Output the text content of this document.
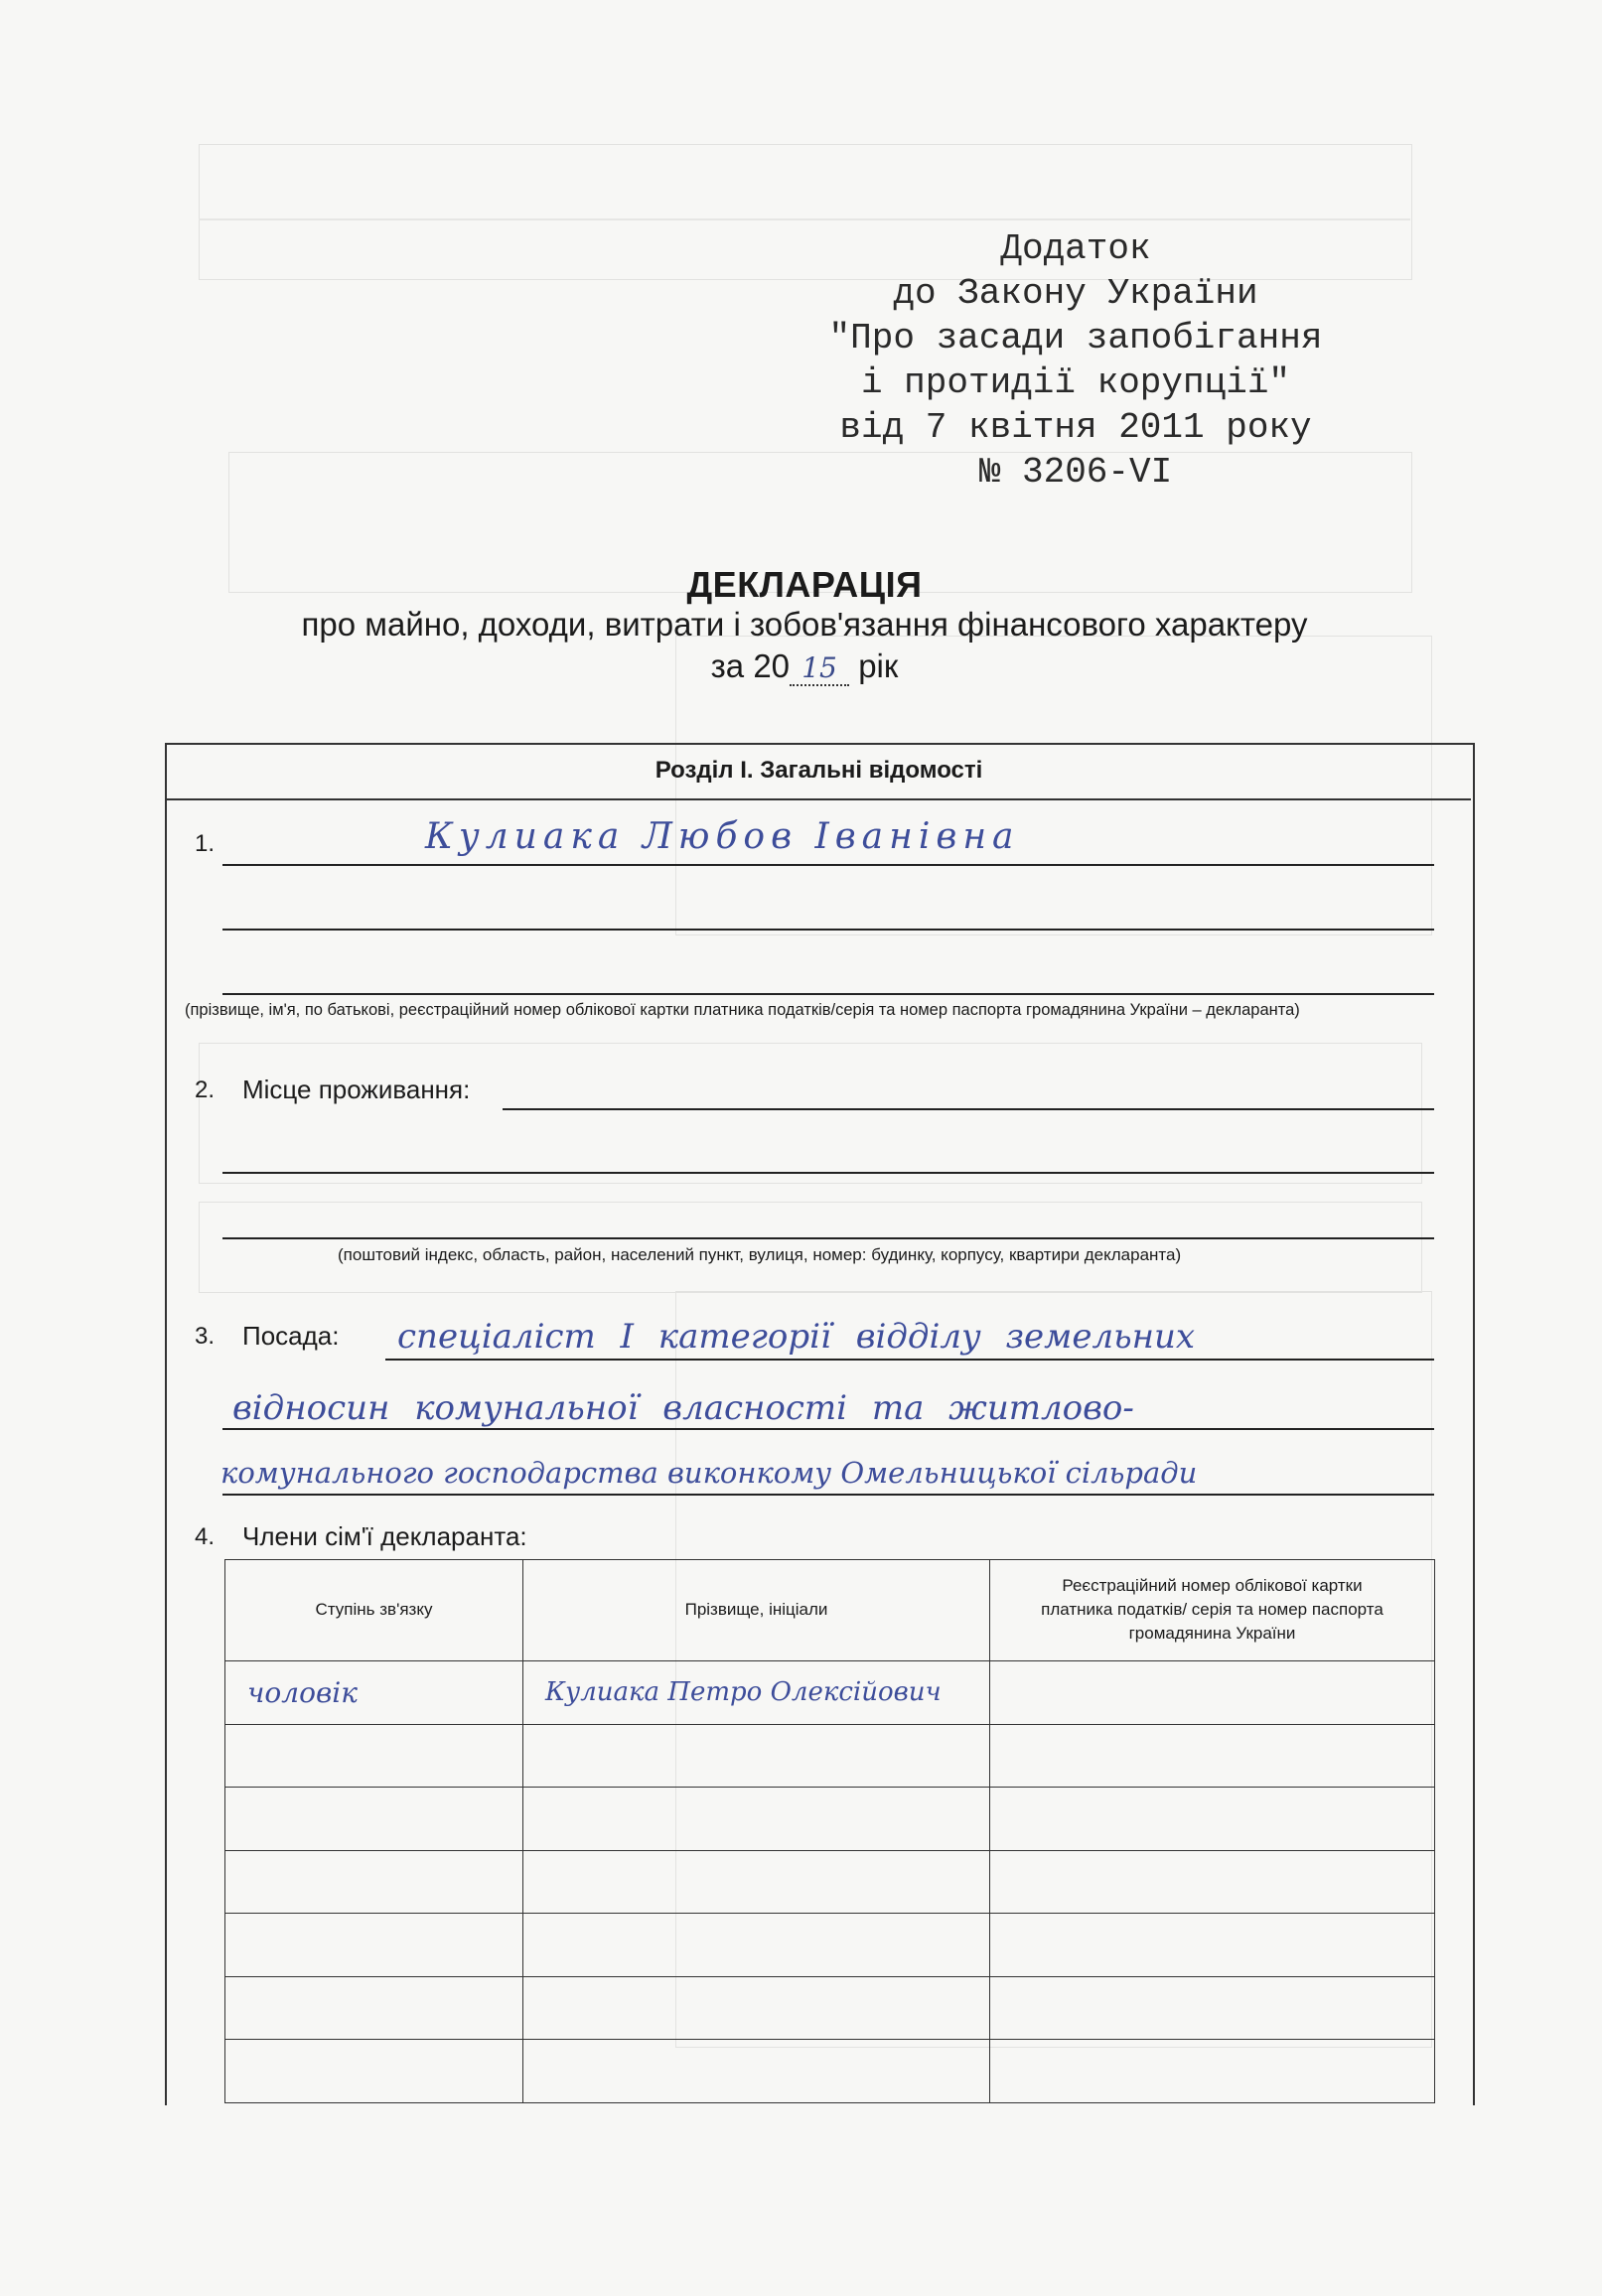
Додаток
до Закону України
"Про засади запобігання
і протидії корупції"
від 7 квітня 2011 року
№ 3206-VI
ДЕКЛАРАЦІЯ
про майно, доходи, витрати і зобов'язання фінансового характеру
за 20 15 рік
Розділ І. Загальні відомості
1.	Кулиака Любов Іванівна
(прізвище, ім'я, по батькові, реєстраційний номер облікової картки платника податків/серія та номер паспорта громадянина України – декларанта)
2. Місце проживання:
(поштовий індекс, область, район, населений пункт, вулиця, номер: будинку, корпусу, квартири декларанта)
3. Посада: спеціаліст І категорії відділу земельних
відносин комунальної власності та житлово-
комунального господарства виконкому Омельницької сільради
4. Члени сім'ї декларанта:
Ступінь зв'язку	Прізвище, ініціали	Реєстраційний номер облікової картки платника податків/ серія та номер паспорта громадянина України
чоловік	Кулиака Петро Олексійович	
